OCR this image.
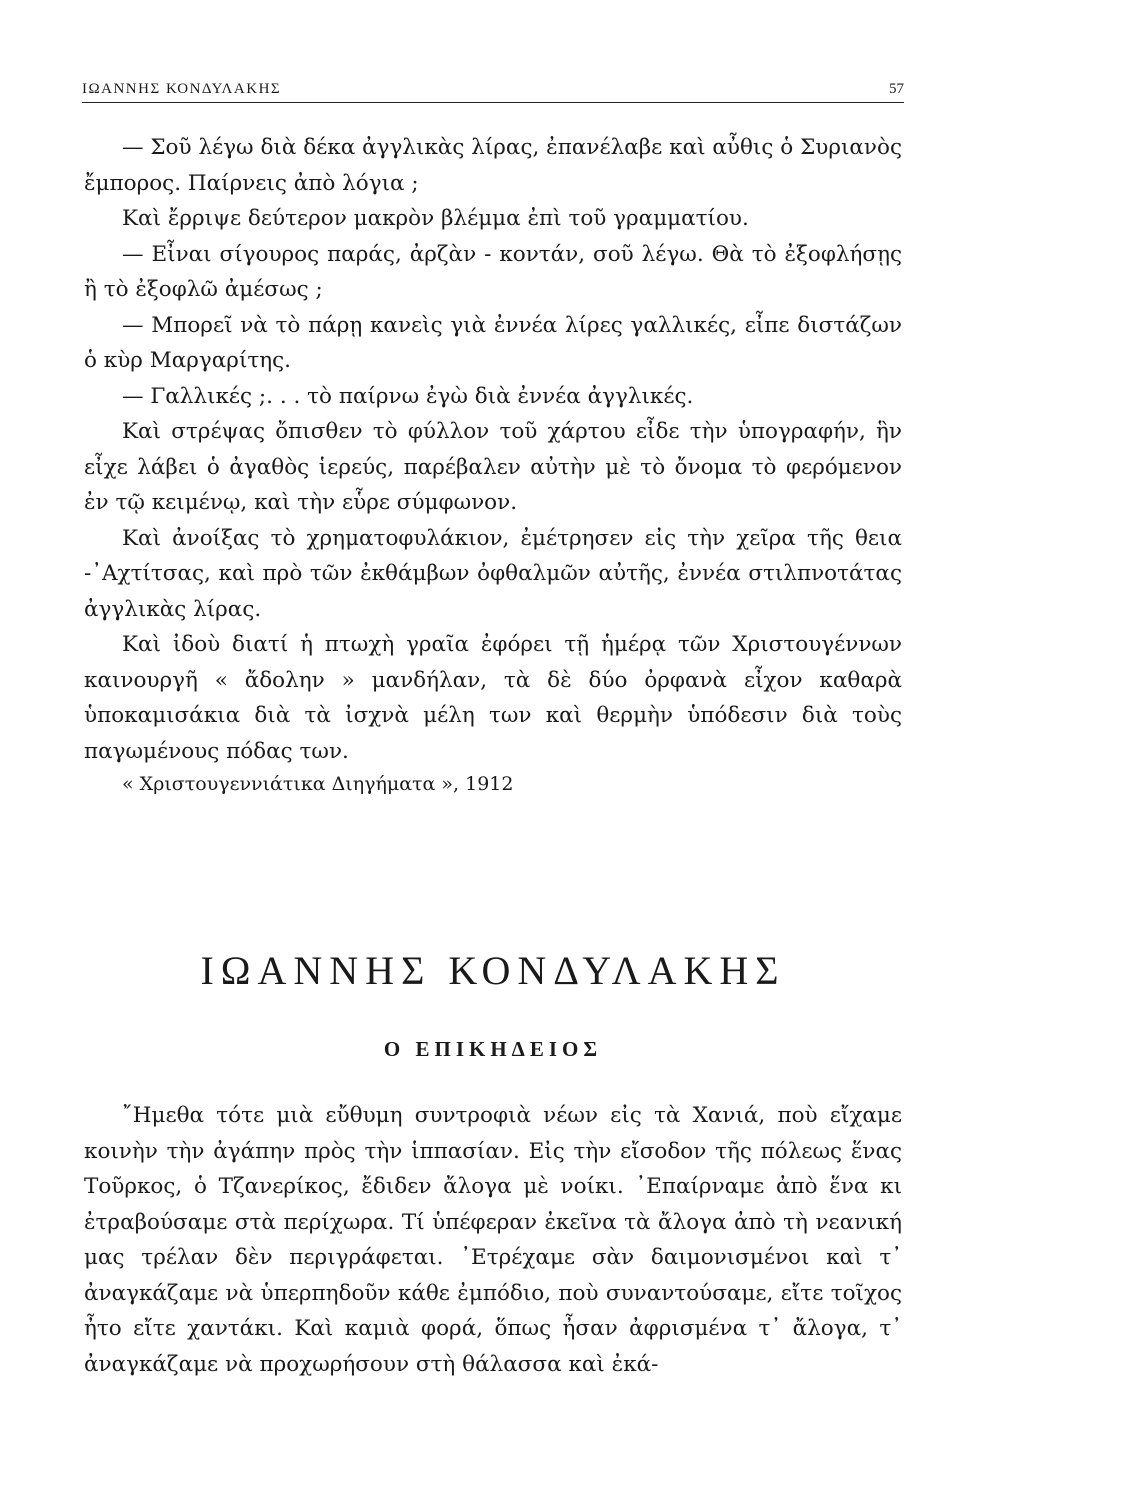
ΙΩΑΝΝΗΣ ΚΟΝΔΥΛΑΚΗΣ	57

— Σοῦ λέγω διὰ δέκα ἀγγλικὰς λίρας, ἐπανέλαβε καὶ αὖθις ὁ Συριανὸς ἔμπορος. Παίρνεις ἀπὸ λόγια ;

Καὶ ἔρριψε δεύτερον μακρὸν βλέμμα ἐπὶ τοῦ γραμματίου.

— Εἶναι σίγουρος παράς, ἀρζὰν - κοντάν, σοῦ λέγω. Θὰ τὸ ἐξοφλήσῃς ἢ τὸ ἐξοφλῶ ἀμέσως ;

— Μπορεῖ νὰ τὸ πάρῃ κανεὶς γιὰ ἐννέα λίρες γαλλικές, εἶπε διστάζων ὁ κὺρ Μαργαρίτης.

— Γαλλικές ;. . . τὸ παίρνω ἐγὼ διὰ ἐννέα ἀγγλικές.

Καὶ στρέψας ὄπισθεν τὸ φύλλον τοῦ χάρτου εἶδε τὴν ὑπογραφήν, ἣν εἶχε λάβει ὁ ἀγαθὸς ἱερεύς, παρέβαλεν αὐτὴν μὲ τὸ ὄνομα τὸ φερόμενον ἐν τῷ κειμένῳ, καὶ τὴν εὗρε σύμφωνον.

Καὶ ἀνοίξας τὸ χρηματοφυλάκιον, ἐμέτρησεν εἰς τὴν χεῖρα τῆς θεια -᾿Αχτίτσας, καὶ πρὸ τῶν ἐκθάμβων ὀφθαλμῶν αὐτῆς, ἐννέα στιλπνοτάτας ἀγγλικὰς λίρας.

Καὶ ἰδοὺ διατί ἡ πτωχὴ γραῖα ἐφόρει τῇ ἡμέρᾳ τῶν Χριστουγέννων καινουργῆ « ἄδολην » μανδήλαν, τὰ δὲ δύο ὀρφανὰ εἶχον καθαρὰ ὑποκαμισάκια διὰ τὰ ἰσχνὰ μέλη των καὶ θερμὴν ὑπόδεσιν διὰ τοὺς παγωμένους πόδας των.

« Χριστουγεννιάτικα Διηγήματα », 1912

ΙΩΑΝΝΗΣ ΚΟΝΔΥΛΑΚΗΣ
Ο ΕΠΙΚΗΔΕΙΟΣ

῎Ημεθα τότε μιὰ εὔθυμη συντροφιὰ νέων εἰς τὰ Χανιά, ποὺ εἴχαμε κοινὴν τὴν ἀγάπην πρὸς τὴν ἱππασίαν. Εἰς τὴν εἴσοδον τῆς πόλεως ἕνας Τοῦρκος, ὁ Τζανερίκος, ἔδιδεν ἄλογα μὲ νοίκι. ᾿Επαίρναμε ἀπὸ ἕνα κι ἐτραβούσαμε στὰ περίχωρα. Τί ὑπέφεραν ἐκεῖνα τὰ ἄλογα ἀπὸ τὴ νεανική μας τρέλαν δὲν περιγράφεται. ᾿Ετρέχαμε σὰν δαιμονισμένοι καὶ τ᾿ ἀναγκάζαμε νὰ ὑπερπηδοῦν κάθε ἐμπόδιο, ποὺ συναντούσαμε, εἴτε τοῖχος ἦτο εἴτε χαντάκι. Καὶ καμιὰ φορά, ὅπως ἦσαν ἀφρισμένα τ᾿ ἄλογα, τ᾿ ἀναγκάζαμε νὰ προχωρήσουν στὴ θάλασσα καὶ ἐκά-
